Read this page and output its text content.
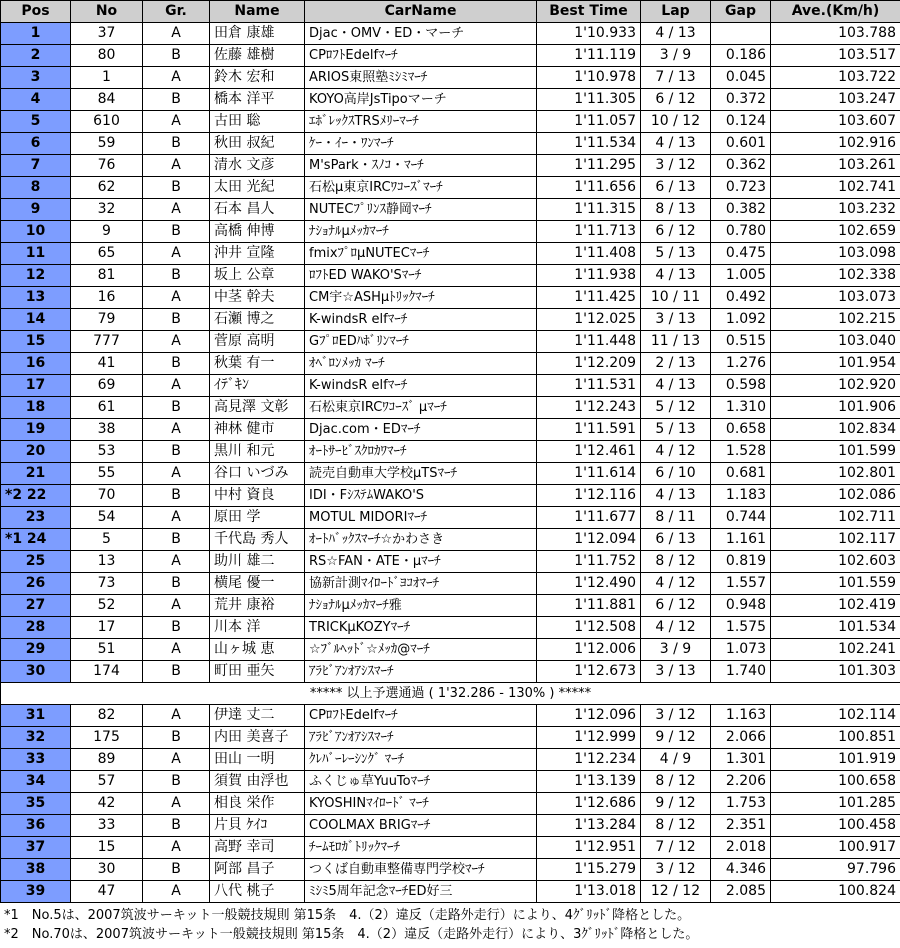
Pos	No	Gr.	Name	CarName	Best Time	Lap	Gap	Ave.(Km/h)
1	37	A	田倉 康雄	Djac・OMV・ED・マーチ	1'10.933	4 / 13		103.788
2	80	B	佐藤 雄樹	CPﾛﾌﾄEdelfﾏｰﾁ	1'11.119	3 / 9	0.186	103.517
3	1	A	鈴木 宏和	ARIOS東照塾ﾐｼﾐﾏｰﾁ	1'10.978	7 / 13	0.045	103.722
4	84	B	橋本 洋平	KOYO高岸JsTipoマーチ	1'11.305	6 / 12	0.372	103.247
5	610	A	古田 聡	ｴﾎﾞﾚｯｸｽTRSﾒﾘｰﾏｰﾁ	1'11.057	10 / 12	0.124	103.607
6	59	B	秋田 叔紀	ｹｰ・ｲｰ・ﾜﾝﾏｰﾁ	1'11.534	4 / 13	0.601	102.916
7	76	A	清水 文彦	M'sPark・ｽﾉｺ・ﾏｰﾁ	1'11.295	3 / 12	0.362	103.261
8	62	B	太田 光紀	石松μ東京IRCﾜｺｰｽﾞﾏｰﾁ	1'11.656	6 / 13	0.723	102.741
9	32	A	石本 昌人	NUTECﾌﾟﾘﾝｽ静岡ﾏｰﾁ	1'11.315	8 / 13	0.382	103.232
10	9	B	高橋 伸博	ﾅｼｮﾅﾙμﾒｯｶﾏｰﾁ	1'11.713	6 / 12	0.780	102.659
11	65	A	沖井 宣隆	fmixﾌﾟﾛμNUTECﾏｰﾁ	1'11.408	5 / 13	0.475	103.098
12	81	B	坂上 公章	ﾛﾌﾄED WAKO'Sﾏｰﾁ	1'11.938	4 / 13	1.005	102.338
13	16	A	中茎 幹夫	CM宇☆ASHμﾄﾘｯｸﾏｰﾁ	1'11.425	10 / 11	0.492	103.073
14	79	B	石瀬 博之	K-windsR elfﾏｰﾁ	1'12.025	3 / 13	1.092	102.215
15	777	A	菅原 高明	GﾌﾟﾛEDﾊﾎﾞﾘﾝﾏｰﾁ	1'11.448	11 / 13	0.515	103.040
16	41	B	秋葉 有一	ｵﾍﾞﾛﾝﾒｯｶ ﾏｰﾁ	1'12.209	2 / 13	1.276	101.954
17	69	A	ｲﾃﾞｷﾝ	K-windsR elfﾏｰﾁ	1'11.531	4 / 13	0.598	102.920
18	61	B	高見澤 文彰	石松東京IRCﾜｺｰｽﾞ μﾏｰﾁ	1'12.243	5 / 12	1.310	101.906
19	38	A	神林 健市	Djac.com・EDﾏｰﾁ	1'11.591	5 / 13	0.658	102.834
20	53	B	黒川 和元	ｵｰﾄｻｰﾋﾞｽｸﾛｶﾜﾏｰﾁ	1'12.461	4 / 12	1.528	101.599
21	55	A	谷口 いづみ	読売自動車大学校μTSﾏｰﾁ	1'11.614	6 / 10	0.681	102.801
*2 22	70	B	中村 資良	IDI・FｼｽﾃﾑWAKO'S	1'12.116	4 / 13	1.183	102.086
23	54	A	原田 学	MOTUL MIDORIﾏｰﾁ	1'11.677	8 / 11	0.744	102.711
*1 24	5	B	千代島 秀人	ｵｰﾄﾊﾞｯｸｽﾏｰﾁ☆かわさき	1'12.094	6 / 13	1.161	102.117
25	13	A	助川 雄二	RS☆FAN・ATE・μﾏｰﾁ	1'11.752	8 / 12	0.819	102.603
26	73	B	横尾 優一	協新計測ﾏｲﾛｰﾄﾞﾖｺｵﾏｰﾁ	1'12.490	4 / 12	1.557	101.559
27	52	A	荒井 康裕	ﾅｼｮﾅﾙμﾒｯｶﾏｰﾁ雅	1'11.881	6 / 12	0.948	102.419
28	17	B	川本 洋	TRICKμKOZYﾏｰﾁ	1'12.508	4 / 12	1.575	101.534
29	51	A	山ヶ城 恵	☆ﾌﾞﾙﾍｯﾄﾞ☆ﾒｯｶ@ﾏｰﾁ	1'12.006	3 / 9	1.073	102.241
30	174	B	町田 亜矢	ｱﾗﾋﾞｱﾝｵｱｼｽﾏｰﾁ	1'12.673	3 / 13	1.740	101.303
***** 以上予選通過 ( 1'32.286 - 130% ) *****								
31	82	A	伊達 丈二	CPﾛﾌﾄEdelfﾏｰﾁ	1'12.096	3 / 12	1.163	102.114
32	175	B	内田 美喜子	ｱﾗﾋﾞｱﾝｵｱｼｽﾏｰﾁ	1'12.999	9 / 12	2.066	100.851
33	89	A	田山 一明	ｸﾚﾊﾞｰﾚｰｼﾝｸﾞ ﾏｰﾁ	1'12.234	4 / 9	1.301	101.919
34	57	B	須賀 由浮也	ふくじゅ草YuuToﾏｰﾁ	1'13.139	8 / 12	2.206	100.658
35	42	A	相良 栄作	KYOSHINﾏｲﾛｰﾄﾞ ﾏｰﾁ	1'12.686	9 / 12	1.753	101.285
36	33	B	片貝 ｹｲｺ	COOLMAX BRIGﾏｰﾁ	1'13.284	8 / 12	2.351	100.458
37	15	A	高野 幸司	ﾁｰﾑﾓﾛｶﾞﾄﾘｯｸﾏｰﾁ	1'12.951	7 / 12	2.018	100.917
38	30	B	阿部 昌子	つくば自動車整備専門学校ﾏｰﾁ	1'15.279	3 / 12	4.346	97.796
39	47	A	八代 桃子	ﾐｼﾐ5周年記念ﾏｰﾁED好三	1'13.018	12 / 12	2.085	100.824
*1　No.5は、2007筑波サーキット一般競技規則 第15条　4.（2）違反（走路外走行）により、4ｸﾞﾘｯﾄﾞ降格とした。
*2　No.70は、2007筑波サーキット一般競技規則 第15条　4.（2）違反（走路外走行）により、3ｸﾞﾘｯﾄﾞ降格とした。
